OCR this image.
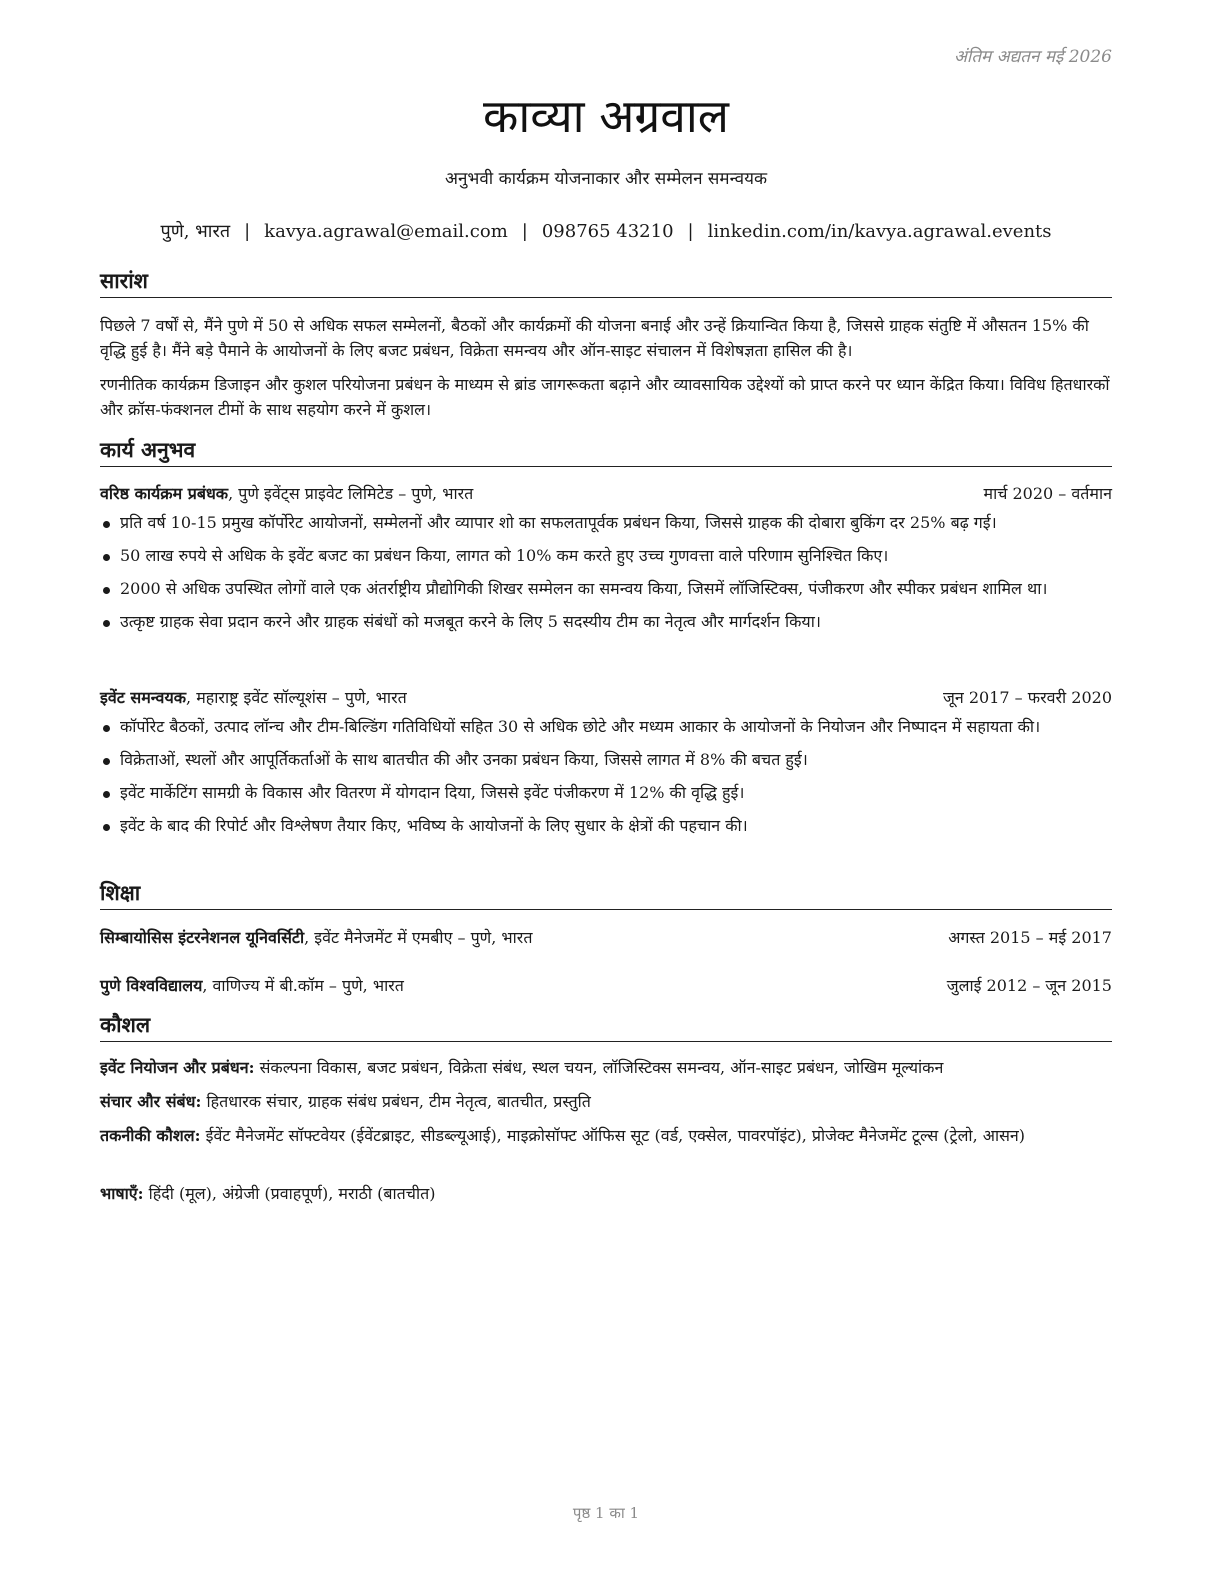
अंतिम अद्यतन मई 2026
काव्या अग्रवाल
अनुभवी कार्यक्रम योजनाकार और सम्मेलन समन्वयक
पुणे, भारत | kavya.agrawal@email.com | 098765 43210 | linkedin.com/in/kavya.agrawal.events
सारांश
पिछले 7 वर्षों से, मैंने पुणे में 50 से अधिक सफल सम्मेलनों, बैठकों और कार्यक्रमों की योजना बनाई और उन्हें क्रियान्वित किया है, जिससे ग्राहक संतुष्टि में औसतन 15% की वृद्धि हुई है। मैंने बड़े पैमाने के आयोजनों के लिए बजट प्रबंधन, विक्रेता समन्वय और ऑन-साइट संचालन में विशेषज्ञता हासिल की है।
रणनीतिक कार्यक्रम डिजाइन और कुशल परियोजना प्रबंधन के माध्यम से ब्रांड जागरूकता बढ़ाने और व्यावसायिक उद्देश्यों को प्राप्त करने पर ध्यान केंद्रित किया। विविध हितधारकों और क्रॉस-फंक्शनल टीमों के साथ सहयोग करने में कुशल।
कार्य अनुभव
वरिष्ठ कार्यक्रम प्रबंधक, पुणे इवेंट्स प्राइवेट लिमिटेड – पुणे, भारत	मार्च 2020 – वर्तमान
प्रति वर्ष 10-15 प्रमुख कॉर्पोरेट आयोजनों, सम्मेलनों और व्यापार शो का सफलतापूर्वक प्रबंधन किया, जिससे ग्राहक की दोबारा बुकिंग दर 25% बढ़ गई।
50 लाख रुपये से अधिक के इवेंट बजट का प्रबंधन किया, लागत को 10% कम करते हुए उच्च गुणवत्ता वाले परिणाम सुनिश्चित किए।
2000 से अधिक उपस्थित लोगों वाले एक अंतर्राष्ट्रीय प्रौद्योगिकी शिखर सम्मेलन का समन्वय किया, जिसमें लॉजिस्टिक्स, पंजीकरण और स्पीकर प्रबंधन शामिल था।
उत्कृष्ट ग्राहक सेवा प्रदान करने और ग्राहक संबंधों को मजबूत करने के लिए 5 सदस्यीय टीम का नेतृत्व और मार्गदर्शन किया।
इवेंट समन्वयक, महाराष्ट्र इवेंट सॉल्यूशंस – पुणे, भारत	जून 2017 – फरवरी 2020
कॉर्पोरेट बैठकों, उत्पाद लॉन्च और टीम-बिल्डिंग गतिविधियों सहित 30 से अधिक छोटे और मध्यम आकार के आयोजनों के नियोजन और निष्पादन में सहायता की।
विक्रेताओं, स्थलों और आपूर्तिकर्ताओं के साथ बातचीत की और उनका प्रबंधन किया, जिससे लागत में 8% की बचत हुई।
इवेंट मार्केटिंग सामग्री के विकास और वितरण में योगदान दिया, जिससे इवेंट पंजीकरण में 12% की वृद्धि हुई।
इवेंट के बाद की रिपोर्ट और विश्लेषण तैयार किए, भविष्य के आयोजनों के लिए सुधार के क्षेत्रों की पहचान की।
शिक्षा
सिम्बायोसिस इंटरनेशनल यूनिवर्सिटी, इवेंट मैनेजमेंट में एमबीए – पुणे, भारत	अगस्त 2015 – मई 2017
पुणे विश्वविद्यालय, वाणिज्य में बी.कॉम – पुणे, भारत	जुलाई 2012 – जून 2015
कौशल
इवेंट नियोजन और प्रबंधन: संकल्पना विकास, बजट प्रबंधन, विक्रेता संबंध, स्थल चयन, लॉजिस्टिक्स समन्वय, ऑन-साइट प्रबंधन, जोखिम मूल्यांकन
संचार और संबंध: हितधारक संचार, ग्राहक संबंध प्रबंधन, टीम नेतृत्व, बातचीत, प्रस्तुति
तकनीकी कौशल: ईवेंट मैनेजमेंट सॉफ्टवेयर (ईवेंटब्राइट, सीडब्ल्यूआई), माइक्रोसॉफ्ट ऑफिस सूट (वर्ड, एक्सेल, पावरपॉइंट), प्रोजेक्ट मैनेजमेंट टूल्स (ट्रेलो, आसन)
भाषाएँ: हिंदी (मूल), अंग्रेजी (प्रवाहपूर्ण), मराठी (बातचीत)
पृष्ठ 1 का 1
